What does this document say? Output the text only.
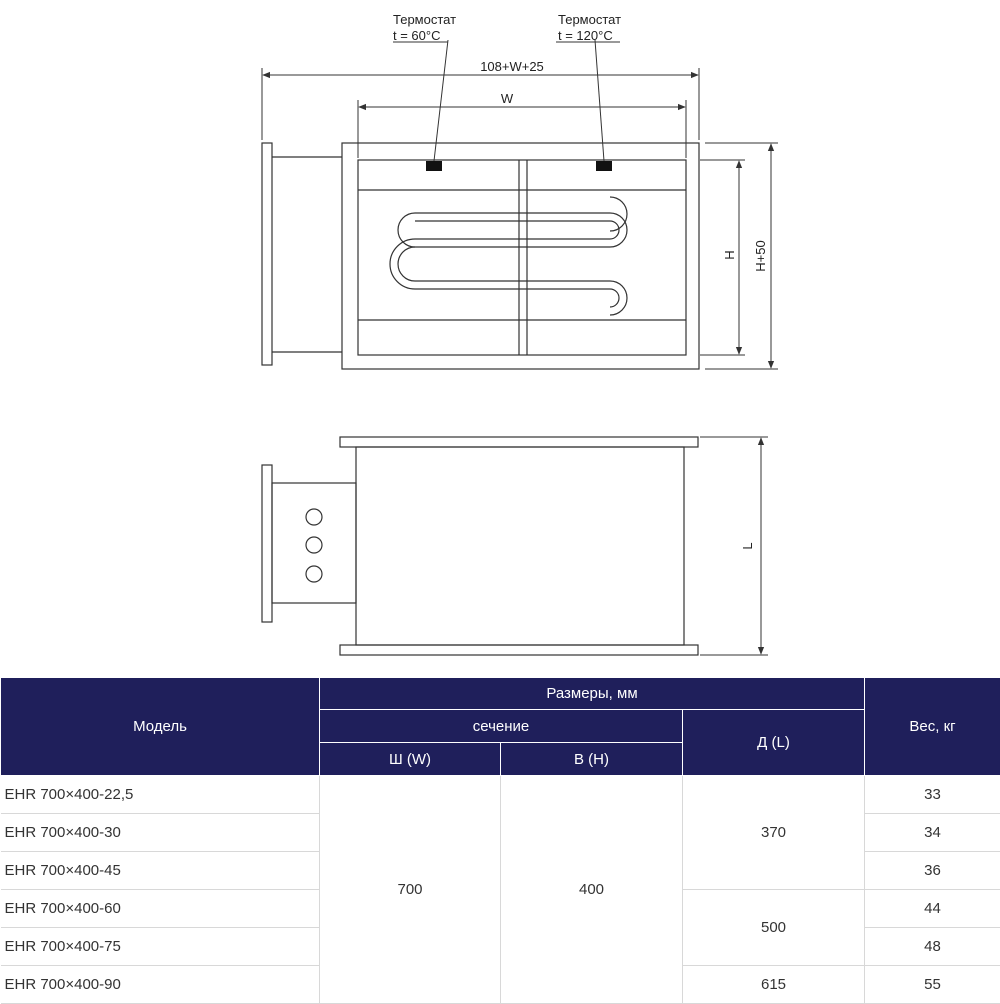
Термостат
t = 60°C
Термостат
t = 120°C
108+W+25
W
H H+50
L
Модель	Размеры, мм			Вес, кг
	сечение		Д (L)	
	Ш (W)	В (H)		
EHR 700×400-22,5	700	400	370	33
EHR 700×400-30				34
EHR 700×400-45				36
EHR 700×400-60			500	44
EHR 700×400-75				48
EHR 700×400-90			615	55
